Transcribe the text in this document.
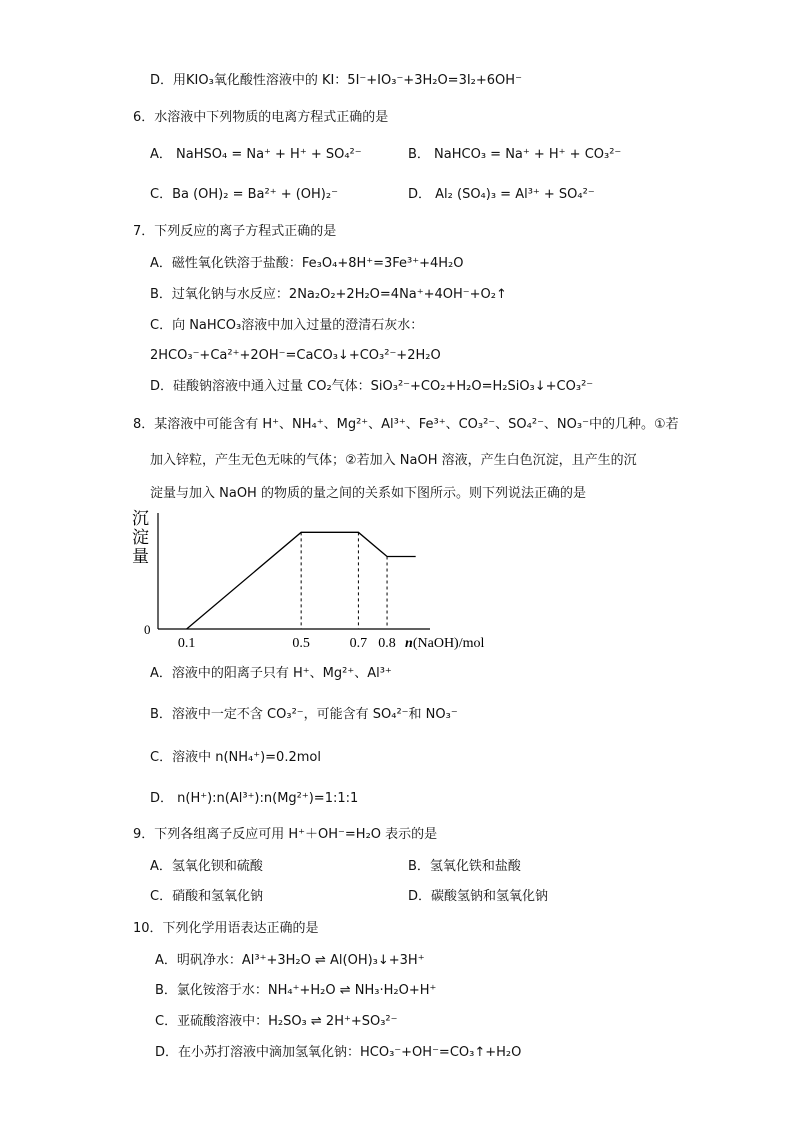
D．用KIO₃氧化酸性溶液中的 KI：5I⁻+IO₃⁻+3H₂O=3I₂+6OH⁻
6．水溶液中下列物质的电离方程式正确的是
A． NaHSO₄ = Na⁺ + H⁺ + SO₄²⁻	B． NaHCO₃ = Na⁺ + H⁺ + CO₃²⁻
C．Ba (OH)₂ = Ba²⁺ + (OH)₂⁻	D． Al₂ (SO₄)₃ = Al³⁺ + SO₄²⁻
7．下列反应的离子方程式正确的是
A．磁性氧化铁溶于盐酸：Fe₃O₄+8H⁺=3Fe³⁺+4H₂O
B．过氧化钠与水反应：2Na₂O₂+2H₂O=4Na⁺+4OH⁻+O₂↑
C．向 NaHCO₃溶液中加入过量的澄清石灰水：
2HCO₃⁻+Ca²⁺+2OH⁻=CaCO₃↓+CO₃²⁻+2H₂O
D．硅酸钠溶液中通入过量 CO₂气体：SiO₃²⁻+CO₂+H₂O=H₂SiO₃↓+CO₃²⁻
8．某溶液中可能含有 H⁺、NH₄⁺、Mg²⁺、Al³⁺、Fe³⁺、CO₃²⁻、SO₄²⁻、NO₃⁻中的几种。①若
加入锌粒，产生无色无味的气体；②若加入 NaOH 溶液，产生白色沉淀，且产生的沉
淀量与加入 NaOH 的物质的量之间的关系如下图所示。则下列说法正确的是
沉
淀
量
0
0.1	0.5	0.7 0.8 n(NaOH)/mol
A．溶液中的阳离子只有 H⁺、Mg²⁺、Al³⁺
B．溶液中一定不含 CO₃²⁻，可能含有 SO₄²⁻和 NO₃⁻
C．溶液中 n(NH₄⁺)=0.2mol
D． n(H⁺):n(Al³⁺):n(Mg²⁺)=1:1:1
9．下列各组离子反应可用 H⁺＋OH⁻=H₂O 表示的是
A．氢氧化钡和硫酸	B．氢氧化铁和盐酸
C．硝酸和氢氧化钠	D．碳酸氢钠和氢氧化钠
10．下列化学用语表达正确的是
A．明矾净水：Al³⁺+3H₂O ⇌ Al(OH)₃↓+3H⁺
B．氯化铵溶于水：NH₄⁺+H₂O ⇌ NH₃·H₂O+H⁺
C．亚硫酸溶液中：H₂SO₃ ⇌ 2H⁺+SO₃²⁻
D．在小苏打溶液中滴加氢氧化钠：HCO₃⁻+OH⁻=CO₃↑+H₂O
